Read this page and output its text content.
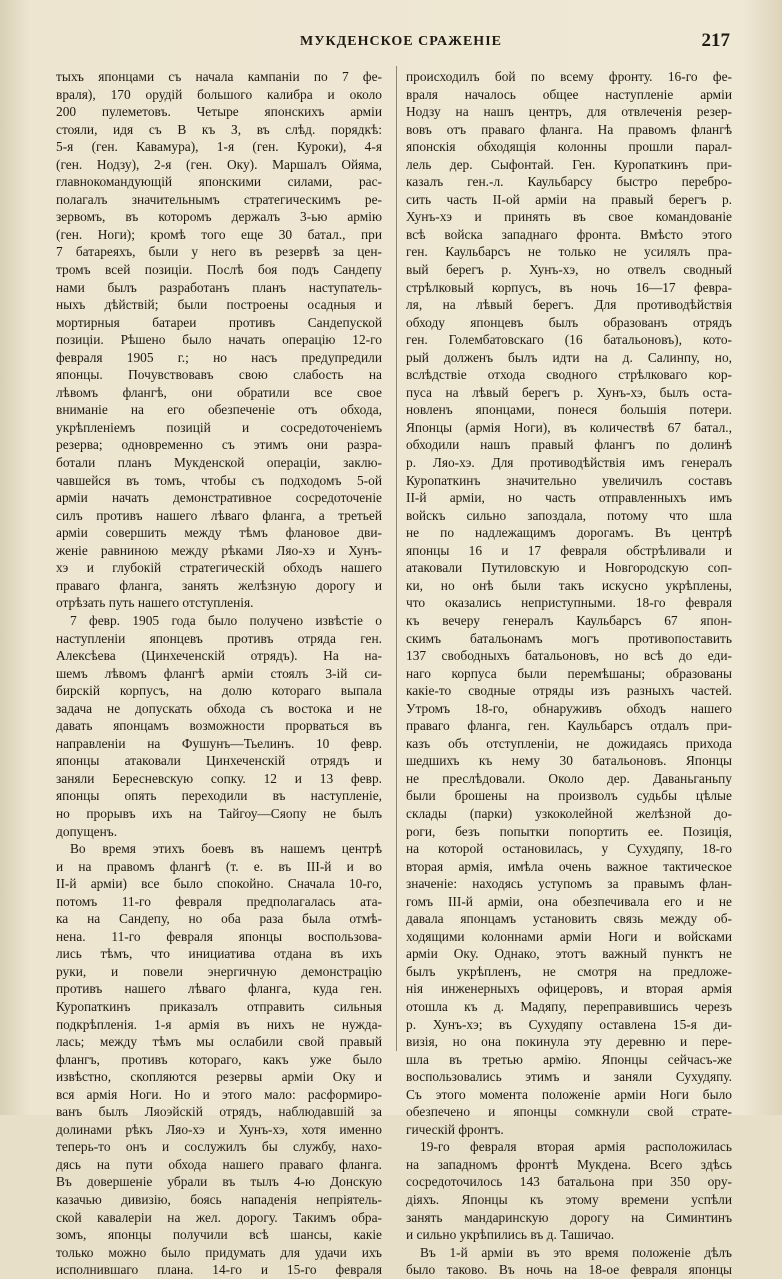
МУКДЕНСКОЕ СРАЖЕНIЕ	217
тыхъ японцами съ начала кампанiи по 7 фе-
враля), 170 орудiй большого калибра и около
200 пулеметовъ. Четыре японскихъ армiи
стояли, идя съ В къ З, въ слѣд. порядкѣ:
5-я (ген. Кавамура), 1-я (ген. Куроки), 4-я
(ген. Нодзу), 2-я (ген. Оку). Маршалъ Ойяма,
главнокомандующiй японскими силами, рас-
полагалъ значительнымъ стратегическимъ ре-
зервомъ, въ которомъ держалъ 3-ью армiю
(ген. Ноги); кромѣ того еще 30 батал., при
7 батареяхъ, были у него въ резервѣ за цен-
тромъ всей позицiи. Послѣ боя подъ Сандепу
нами былъ разработанъ планъ наступатель-
ныхъ дѣйствiй; были построены осадныя и
мортирныя батареи противъ Сандепуской
позицiи. Рѣшено было начать операцiю 12-го
февраля 1905 г.; но насъ предупредили
японцы. Почувствовавъ свою слабость на
лѣвомъ флангѣ, они обратили все свое
вниманiе на его обезпеченiе отъ обхода,
укрѣпленiемъ позицiй и сосредоточенiемъ
резерва; одновременно съ этимъ они разра-
ботали планъ Мукденской операцiи, заклю-
чавшейся въ томъ, чтобы съ подходомъ 5-ой
армiи начать демонстративное сосредоточенiе
силъ противъ нашего лѣваго фланга, а третьей
армiи совершить между тѣмъ флановое дви-
женiе равниною между рѣками Ляо-хэ и Хунъ-
хэ и глубокiй стратегическiй обходъ нашего
праваго фланга, занять желѣзную дорогу и
отрѣзать путь нашего отступленiя.
7 февр. 1905 года было получено извѣстiе о
наступленiи японцевъ противъ отряда ген.
Алексѣева (Цинхеченскiй отрядъ). На на-
шемъ лѣвомъ флангѣ армiи стоялъ 3-iй си-
бирскiй корпусъ, на долю котораго выпала
задача не допускать обхода съ востока и не
давать японцамъ возможности прорваться въ
направленiи на Фушунъ—Тьелинъ. 10 февр.
японцы атаковали Цинхеченскiй отрядъ и
заняли Бересневскую сопку. 12 и 13 февр.
японцы опять переходили въ наступленiе,
но прорывъ ихъ на Тайгоу—Сяопу не былъ
допущенъ.
Во время этихъ боевъ въ нашемъ центрѣ
и на правомъ флангѣ (т. е. въ III-й и во
II-й армiи) все было спокойно. Сначала 10-го,
потомъ 11-го февраля предполагалась ата-
ка на Сандепу, но оба раза была отмѣ-
нена. 11-го февраля японцы воспользова-
лись тѣмъ, что инициатива отдана въ ихъ
руки, и повели энергичную демонстрацiю
противъ нашего лѣваго фланга, куда ген.
Куропаткинъ приказалъ отправить сильныя
подкрѣпленiя. 1-я армiя въ нихъ не нужда-
лась; между тѣмъ мы ослабили свой правый
флангъ, противъ котораго, какъ уже было
извѣстно, скопляются резервы армiи Оку и
вся армiя Ноги. Но и этого мало: расформиро-
ванъ былъ Ляоэйскiй отрядъ, наблюдавшiй за
долинами рѣкъ Ляо-хэ и Хунъ-хэ, хотя именно
теперь-то онъ и сослужилъ бы службу, нахо-
дясь на пути обхода нашего праваго фланга.
Въ довершенiе убрали въ тылъ 4-ю Донскую
казачью дивизiю, боясь нападенiя непрiятель-
ской кавалерiи на жел. дорогу. Такимъ обра-
зомъ, японцы получили всѣ шансы, какiе
только можно было придумать для удачи ихъ
исполнившаго плана. 14-го и 15-го февраля
происходилъ бой по всему фронту. 16-го фе-
враля началось общее наступленiе армiи
Нодзу на нашъ центръ, для отвлеченiя резер-
вовъ отъ праваго фланга. На правомъ флангѣ
японскiя обходящiя колонны прошли парал-
лель дер. Сыфонтай. Ген. Куропаткинъ при-
казалъ ген.-л. Каульбарсу быстро перебро-
сить часть II-ой армiи на правый берегъ р.
Хунъ-хэ и принять въ свое командованiе
всѣ войска западнаго фронта. Вмѣсто этого
ген. Каульбарсъ не только не усилялъ пра-
вый берегъ р. Хунъ-хэ, но отвелъ сводный
стрѣлковый корпусъ, въ ночь 16—17 февра-
ля, на лѣвый берегъ. Для противодѣйствiя
обходу японцевъ былъ образованъ отрядъ
ген. Голембатовскаго (16 батальоновъ), кото-
рый долженъ былъ идти на д. Салинпу, но,
вслѣдствiе отхода сводного стрѣлковаго кор-
пуса на лѣвый берегъ р. Хунъ-хэ, былъ оста-
новленъ японцами, понеся большiя потери.
Японцы (армiя Ноги), въ количествѣ 67 батал.,
обходили нашъ правый флангъ по долинѣ
р. Ляо-хэ. Для противодѣйствiя имъ генералъ
Куропаткинъ значительно увеличилъ составъ
II-й армiи, но часть отправленныхъ имъ
войскъ сильно запоздала, потому что шла
не по надлежащимъ дорогамъ. Въ центрѣ
японцы 16 и 17 февраля обстрѣливали и
атаковали Путиловскую и Новгородскую соп-
ки, но онѣ были такъ искусно укрѣплены,
что оказались неприступными. 18-го февраля
къ вечеру генералъ Каульбарсъ 67 япон-
скимъ батальонамъ могъ противопоставить
137 свободныхъ батальоновъ, но всѣ до еди-
наго корпуса были перемѣшаны; образованы
какiе-то сводные отряды изъ разныхъ частей.
Утромъ 18-го, обнаруживъ обходъ нашего
праваго фланга, ген. Каульбарсъ отдалъ при-
казъ объ отступленiи, не дожидаясь прихода
шедшихъ къ нему 30 батальоновъ. Японцы
не преслѣдовали. Около дер. Даваньганьпу
были брошены на произволъ судьбы цѣлые
склады (парки) узкоколейной желѣзной до-
роги, безъ попытки попортить ее. Позицiя,
на которой остановилась, у Сухудяпу, 18-го
вторая армiя, имѣла очень важное тактическое
значенiе: находясь уступомъ за правымъ флан-
гомъ III-й армiи, она обезпечивала его и не
давала японцамъ установить связь между об-
ходящими колоннами армiи Ноги и войсками
армiи Оку. Однако, этотъ важный пунктъ не
былъ укрѣпленъ, не смотря на предложе-
нiя инженерныхъ офицеровъ, и вторая армiя
отошла къ д. Мадяпу, переправившись черезъ
р. Хунъ-хэ; въ Сухудяпу оставлена 15-я ди-
визiя, но она покинула эту деревню и пере-
шла въ третью армiю. Японцы сейчасъ-же
воспользовались этимъ и заняли Сухудяпу.
Съ этого момента положенiе армiи Ноги было
обезпечено и японцы сомкнули свой страте-
гическiй фронтъ.
19-го февраля вторая армiя расположилась
на западномъ фронтѣ Мукдена. Всего здѣсь
сосредоточилось 143 батальона при 350 ору-
дiяхъ. Японцы къ этому времени успѣли
занять мандаринскую дорогу на Симинтинъ
и сильно укрѣпились въ д. Ташичао.
Въ 1-й армiи въ это время положенiе дѣлъ
было таково. Въ ночь на 18-ое февраля японцы
